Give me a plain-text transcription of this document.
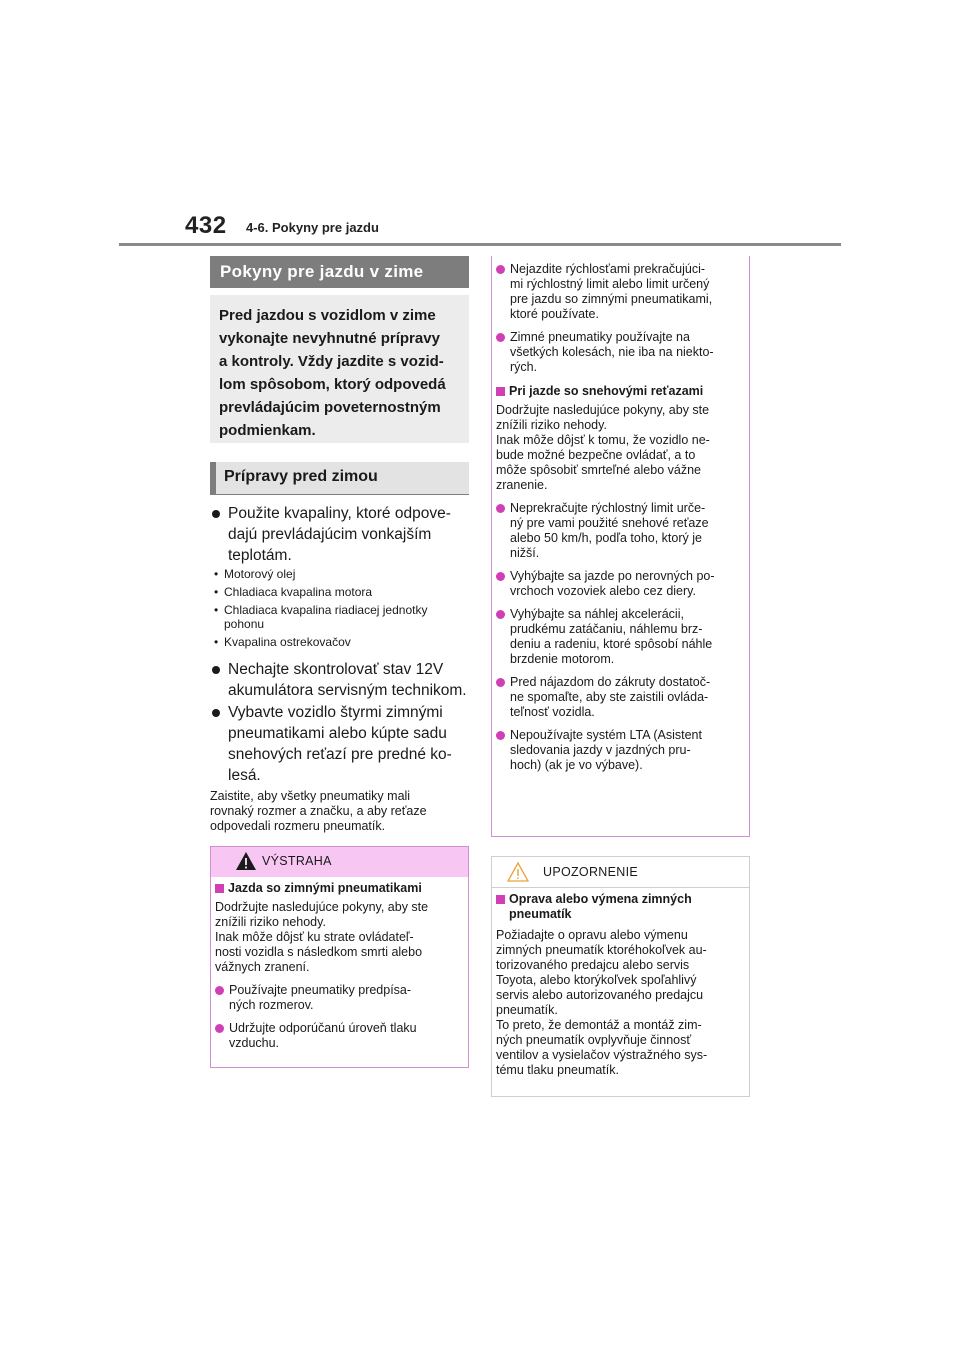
432 4-6. Pokyny pre jazdu
Pokyny pre jazdu v zime
Pred jazdou s vozidlom v zime
vykonajte nevyhnutné prípravy
a kontroly. Vždy jazdite s vozid-
lom spôsobom, ktorý odpovedá
prevládajúcim poveternostným
podmienkam.
Prípravy pred zimou
Použite kvapaliny, ktoré odpove-
dajú prevládajúcim vonkajším
teplotám.
• Motorový olej
• Chladiaca kvapalina motora
• Chladiaca kvapalina riadiacej jednotky pohonu
• Kvapalina ostrekovačov
Nechajte skontrolovať stav 12V
akumulátora servisným technikom.
Vybavte vozidlo štyrmi zimnými
pneumatikami alebo kúpte sadu
snehových reťazí pre predné ko-
lesá.
Zaistite, aby všetky pneumatiky mali
rovnaký rozmer a značku, a aby reťaze
odpovedali rozmeru pneumatík.
VÝSTRAHA
Jazda so zimnými pneumatikami
Dodržujte nasledujúce pokyny, aby ste
znížili riziko nehody.
Inak môže dôjsť ku strate ovládateľ-
nosti vozidla s následkom smrti alebo
vážnych zranení.
Používajte pneumatiky predpísa-
ných rozmerov.
Udržujte odporúčanú úroveň tlaku
vzduchu.
Nejazdite rýchlosťami prekračujúci-
mi rýchlostný limit alebo limit určený
pre jazdu so zimnými pneumatikami,
ktoré používate.
Zimné pneumatiky používajte na
všetkých kolesách, nie iba na niekto-
rých.
Pri jazde so snehovými reťazami
Dodržujte nasledujúce pokyny, aby ste
znížili riziko nehody.
Inak môže dôjsť k tomu, že vozidlo ne-
bude možné bezpečne ovládať, a to
môže spôsobiť smrteľné alebo vážne
zranenie.
Neprekračujte rýchlostný limit urče-
ný pre vami použité snehové reťaze
alebo 50 km/h, podľa toho, ktorý je
nižší.
Vyhýbajte sa jazde po nerovných po-
vrchoch vozoviek alebo cez diery.
Vyhýbajte sa náhlej akcelerácii,
prudkému zatáčaniu, náhlemu brz-
deniu a radeniu, ktoré spôsobí náhle
brzdenie motorom.
Pred nájazdom do zákruty dostatoč-
ne spomaľte, aby ste zaistili ovláda-
teľnosť vozidla.
Nepoužívajte systém LTA (Asistent
sledovania jazdy v jazdných pru-
hoch) (ak je vo výbave).
UPOZORNENIE
Oprava alebo výmena zimných
pneumatík
Požiadajte o opravu alebo výmenu
zimných pneumatík ktoréhokoľvek au-
torizovaného predajcu alebo servis
Toyota, alebo ktorýkoľvek spoľahlivý
servis alebo autorizovaného predajcu
pneumatík.
To preto, že demontáž a montáž zim-
ných pneumatík ovplyvňuje činnosť
ventilov a vysielačov výstražného sys-
tému tlaku pneumatík.
